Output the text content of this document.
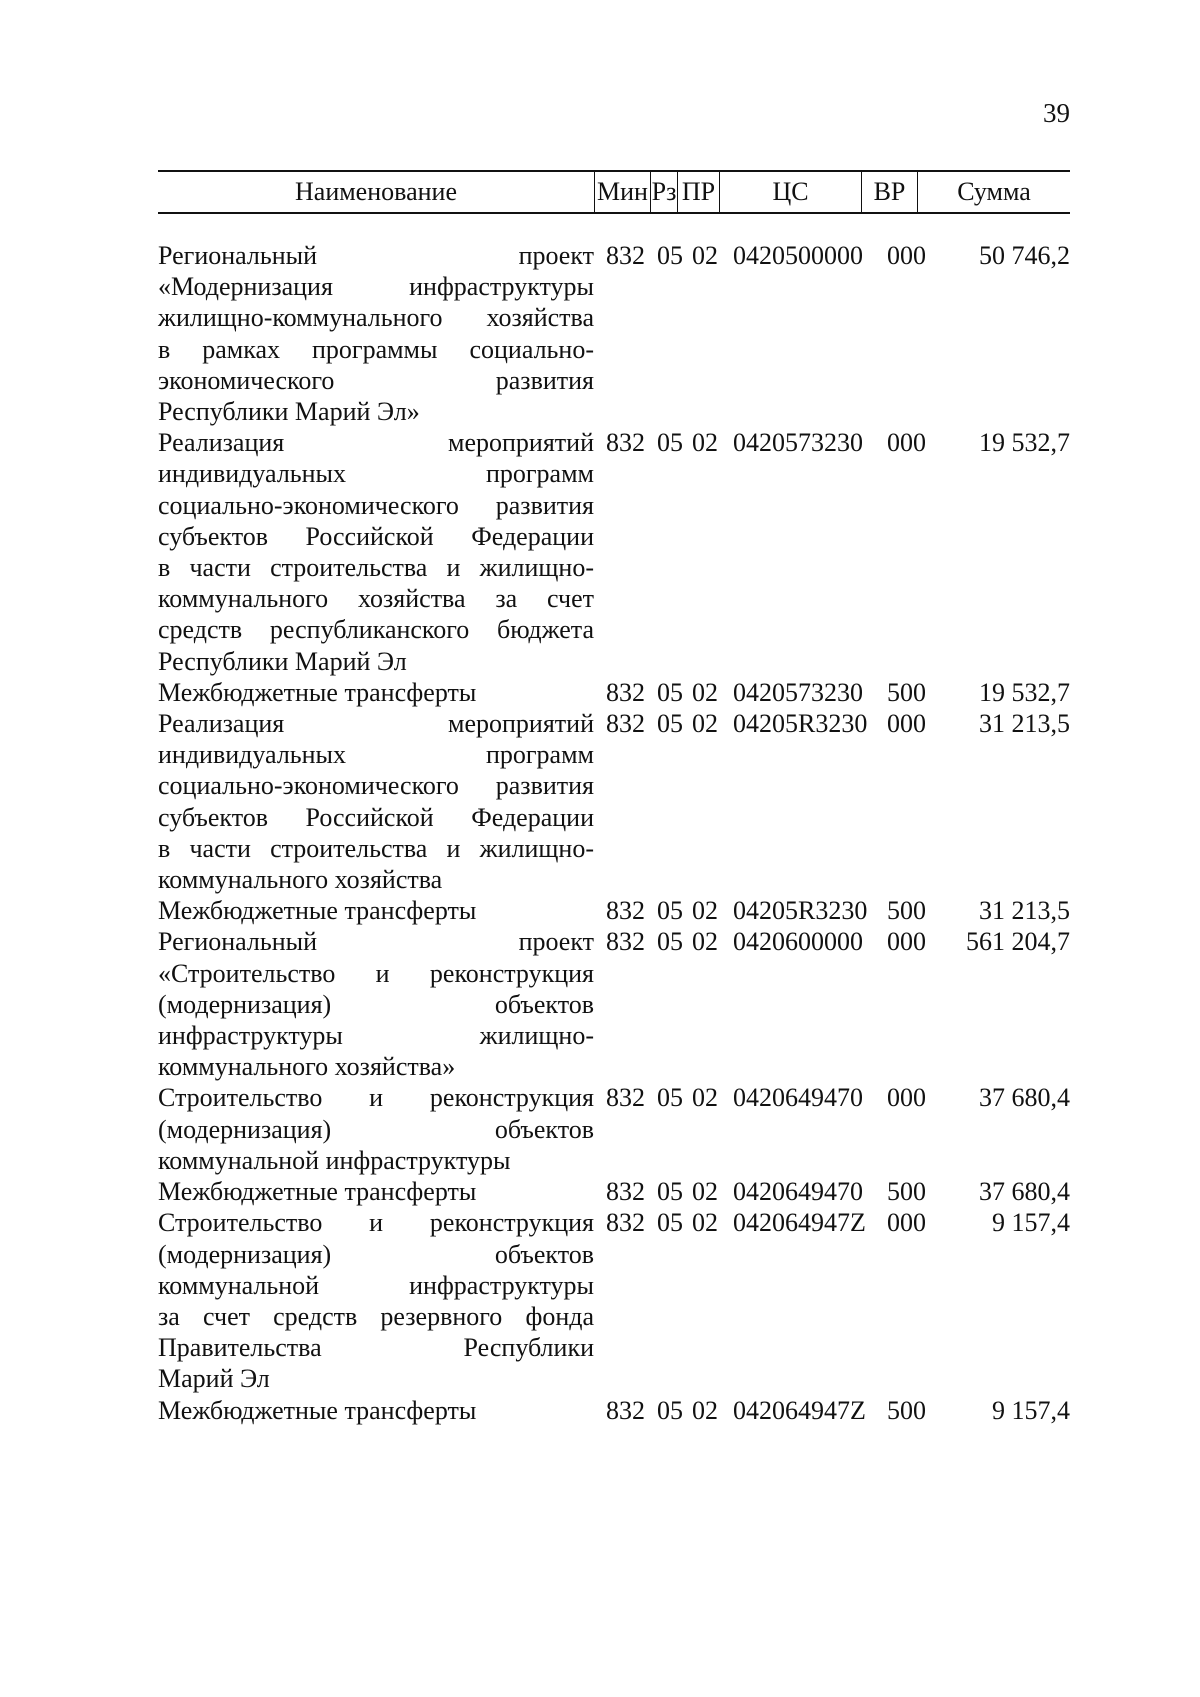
39
Наименование	Мин Рз ПР	ЦС	ВР	Сумма
Региональный проект
«Модернизация инфраструктуры
жилищно-коммунального хозяйства
в рамках программы социально-
экономического развития
Республики Марий Эл»
832 05 02 0420500000 000	50 746,2
Реализация мероприятий
индивидуальных программ
социально-экономического развития
субъектов Российской Федерации
в части строительства и жилищно-
коммунального хозяйства за счет
средств республиканского бюджета
Республики Марий Эл
832 05 02 0420573230 000	19 532,7
Межбюджетные трансферты	832 05 02 0420573230 500	19 532,7
Реализация мероприятий
индивидуальных программ
социально-экономического развития
субъектов Российской Федерации
в части строительства и жилищно-
коммунального хозяйства
832 05 02 04205R3230 000	31 213,5
Межбюджетные трансферты	832 05 02 04205R3230 500	31 213,5
Региональный проект
«Строительство и реконструкция
(модернизация) объектов
инфраструктуры жилищно-
коммунального хозяйства»
832 05 02 0420600000 000	561 204,7
Строительство и реконструкция
(модернизация) объектов
коммунальной инфраструктуры
832 05 02 0420649470 000	37 680,4
Межбюджетные трансферты	832 05 02 0420649470 500	37 680,4
Строительство и реконструкция
(модернизация) объектов
коммунальной инфраструктуры
за счет средств резервного фонда
Правительства Республики
Марий Эл
832 05 02 042064947Z 000	9 157,4
Межбюджетные трансферты	832 05 02 042064947Z 500	9 157,4
